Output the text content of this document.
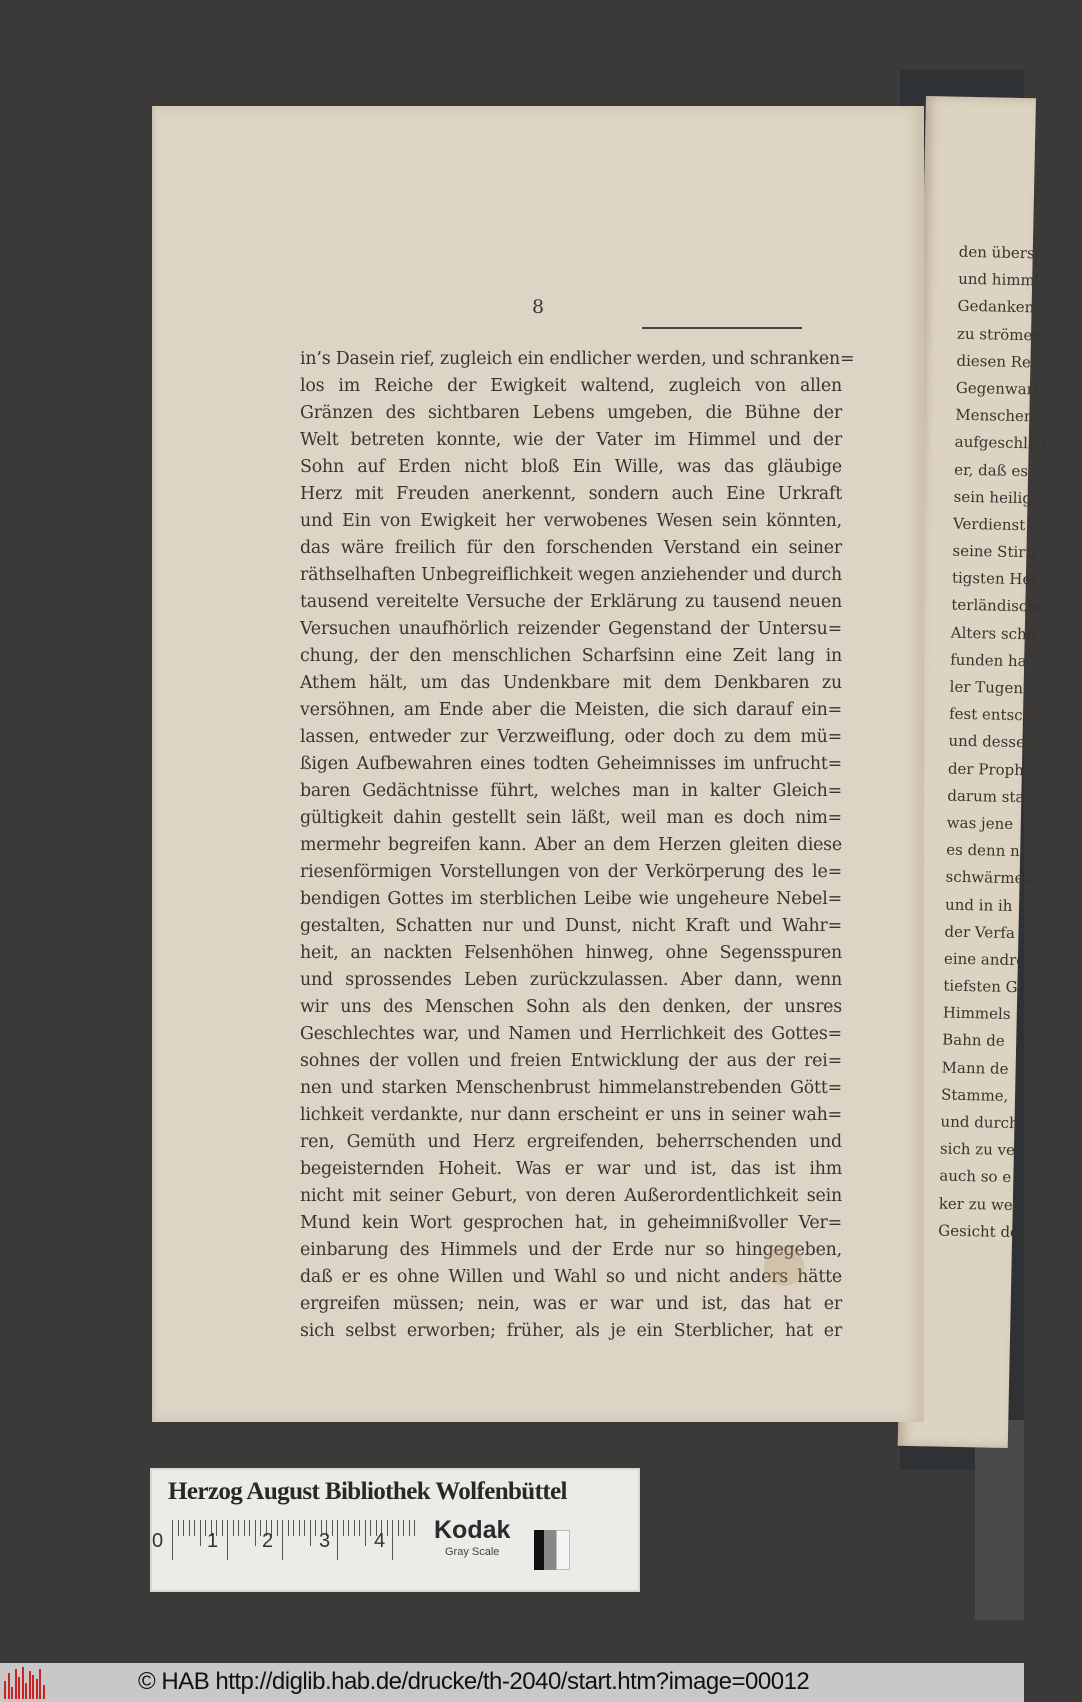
den übersch
und himml
Gedanken s
zu strömen.
diesen Reic
Gegenwart
Menschen,
aufgeschlag
er, daß es
sein heilige
Verdienst
seine Stirn
tigsten Hel
terländische
Alters scho
funden ha
ler Tugen
fest entschi
und dessen
der Proph
darum sta
was jene
es denn n
schwärmen
und in ih
der Verfa
eine andre
tiefsten G
Himmels
Bahn de
Mann de
Stamme,
und durch
sich zu ve
auch so e
ker zu wer
Gesicht de
8
in’s Dasein rief, zugleich ein endlicher werden, und schranken=
los im Reiche der Ewigkeit waltend, zugleich von allen
Gränzen des sichtbaren Lebens umgeben, die Bühne der
Welt betreten konnte, wie der Vater im Himmel und der
Sohn auf Erden nicht bloß Ein Wille, was das gläubige
Herz mit Freuden anerkennt, sondern auch Eine Urkraft
und Ein von Ewigkeit her verwobenes Wesen sein könnten,
das wäre freilich für den forschenden Verstand ein seiner
räthselhaften Unbegreiflichkeit wegen anziehender und durch
tausend vereitelte Versuche der Erklärung zu tausend neuen
Versuchen unaufhörlich reizender Gegenstand der Untersu=
chung, der den menschlichen Scharfsinn eine Zeit lang in
Athem hält, um das Undenkbare mit dem Denkbaren zu
versöhnen, am Ende aber die Meisten, die sich darauf ein=
lassen, entweder zur Verzweiflung, oder doch zu dem mü=
ßigen Aufbewahren eines todten Geheimnisses im unfrucht=
baren Gedächtnisse führt, welches man in kalter Gleich=
gültigkeit dahin gestellt sein läßt, weil man es doch nim=
mermehr begreifen kann. Aber an dem Herzen gleiten diese
riesenförmigen Vorstellungen von der Verkörperung des le=
bendigen Gottes im sterblichen Leibe wie ungeheure Nebel=
gestalten, Schatten nur und Dunst, nicht Kraft und Wahr=
heit, an nackten Felsenhöhen hinweg, ohne Segensspuren
und sprossendes Leben zurückzulassen. Aber dann, wenn
wir uns des Menschen Sohn als den denken, der unsres
Geschlechtes war, und Namen und Herrlichkeit des Gottes=
sohnes der vollen und freien Entwicklung der aus der rei=
nen und starken Menschenbrust himmelanstrebenden Gött=
lichkeit verdankte, nur dann erscheint er uns in seiner wah=
ren, Gemüth und Herz ergreifenden, beherrschenden und
begeisternden Hoheit. Was er war und ist, das ist ihm
nicht mit seiner Geburt, von deren Außerordentlichkeit sein
Mund kein Wort gesprochen hat, in geheimnißvoller Ver=
einbarung des Himmels und der Erde nur so hingegeben,
daß er es ohne Willen und Wahl so und nicht anders hätte
ergreifen müssen; nein, was er war und ist, das hat er
sich selbst erworben; früher, als je ein Sterblicher, hat er
Herzog August Bibliothek Wolfenbüttel
0 1 2 3 4 Kodak
Gray Scale
© HAB http://diglib.hab.de/drucke/th-2040/start.htm?image=00012
